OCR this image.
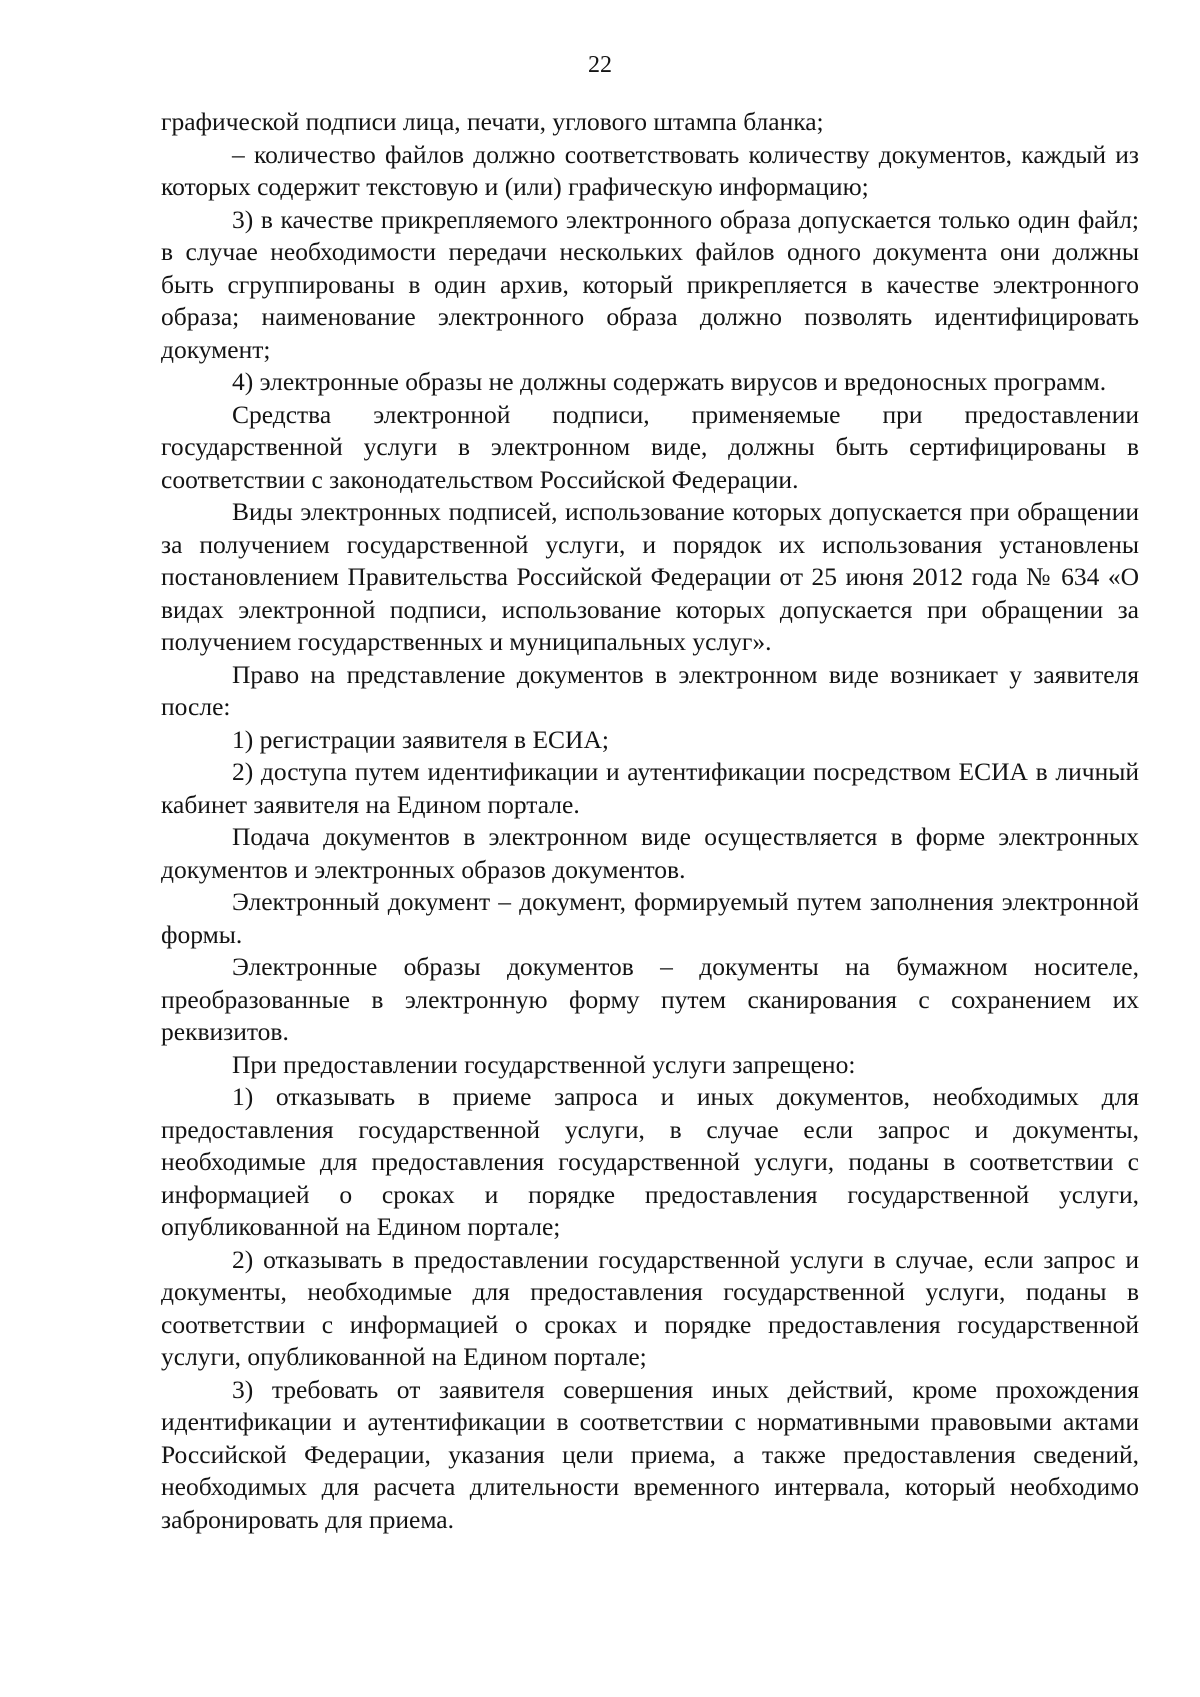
22

графической подписи лица, печати, углового штампа бланка;

– количество файлов должно соответствовать количеству документов, каждый из которых содержит текстовую и (или) графическую информацию;

3) в качестве прикрепляемого электронного образа допускается только один файл; в случае необходимости передачи нескольких файлов одного документа они должны быть сгруппированы в один архив, который прикрепляется в качестве электронного образа; наименование электронного образа должно позволять идентифицировать документ;

4) электронные образы не должны содержать вирусов и вредоносных программ.

Средства электронной подписи, применяемые при предоставлении государственной услуги в электронном виде, должны быть сертифицированы в соответствии с законодательством Российской Федерации.

Виды электронных подписей, использование которых допускается при обращении за получением государственной услуги, и порядок их использования установлены постановлением Правительства Российской Федерации от 25 июня 2012 года № 634 «О видах электронной подписи, использование которых допускается при обращении за получением государственных и муниципальных услуг».

Право на представление документов в электронном виде возникает у заявителя после:

1) регистрации заявителя в ЕСИА;

2) доступа путем идентификации и аутентификации посредством ЕСИА в личный кабинет заявителя на Едином портале.

Подача документов в электронном виде осуществляется в форме электронных документов и электронных образов документов.

Электронный документ – документ, формируемый путем заполнения электронной формы.

Электронные образы документов – документы на бумажном носителе, преобразованные в электронную форму путем сканирования с сохранением их реквизитов.

При предоставлении государственной услуги запрещено:

1) отказывать в приеме запроса и иных документов, необходимых для предоставления государственной услуги, в случае если запрос и документы, необходимые для предоставления государственной услуги, поданы в соответствии с информацией о сроках и порядке предоставления государственной услуги, опубликованной на Едином портале;

2) отказывать в предоставлении государственной услуги в случае, если запрос и документы, необходимые для предоставления государственной услуги, поданы в соответствии с информацией о сроках и порядке предоставления государственной услуги, опубликованной на Едином портале;

3) требовать от заявителя совершения иных действий, кроме прохождения идентификации и аутентификации в соответствии с нормативными правовыми актами Российской Федерации, указания цели приема, а также предоставления сведений, необходимых для расчета длительности временного интервала, который необходимо забронировать для приема.
